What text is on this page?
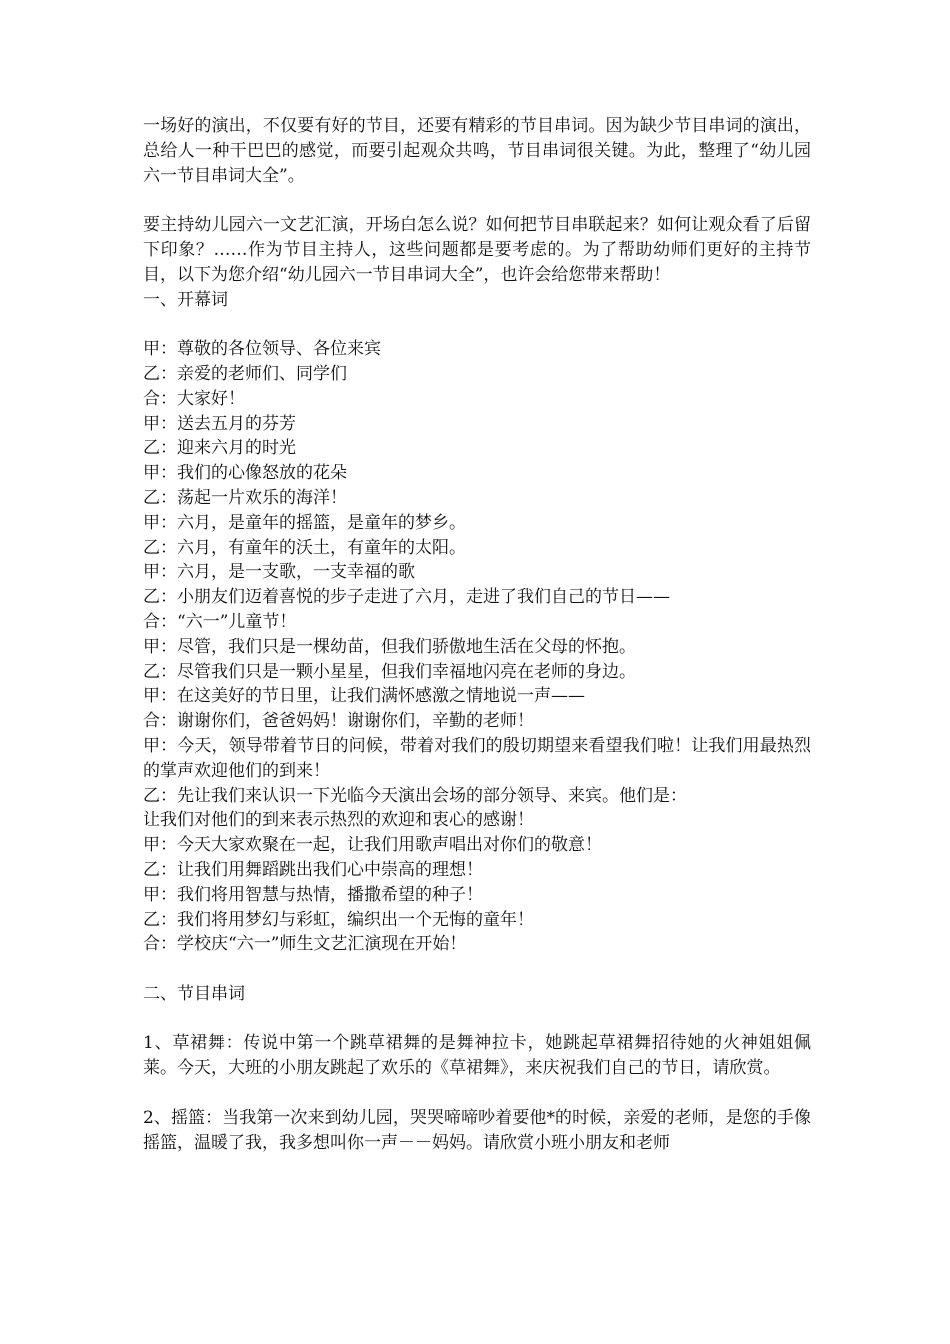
一场好的演出，不仅要有好的节目，还要有精彩的节目串词。因为缺少节目串词的演出，总给人一种干巴巴的感觉，而要引起观众共鸣，节目串词很关键。为此，整理了“幼儿园六一节目串词大全”。

要主持幼儿园六一文艺汇演，开场白怎么说？如何把节目串联起来？如何让观众看了后留下印象？……作为节目主持人，这些问题都是要考虑的。为了帮助幼师们更好的主持节目，以下为您介绍“幼儿园六一节目串词大全”，也许会给您带来帮助！

一、开幕词

甲：尊敬的各位领导、各位来宾

乙：亲爱的老师们、同学们

合：大家好！

甲：送去五月的芬芳

乙：迎来六月的时光

甲：我们的心像怒放的花朵

乙：荡起一片欢乐的海洋！

甲：六月，是童年的摇篮，是童年的梦乡。

乙：六月，有童年的沃土，有童年的太阳。

甲：六月，是一支歌，一支幸福的歌

乙：小朋友们迈着喜悦的步子走进了六月，走进了我们自己的节日——

合：“六一”儿童节！

甲：尽管，我们只是一棵幼苗，但我们骄傲地生活在父母的怀抱。

乙：尽管我们只是一颗小星星，但我们幸福地闪亮在老师的身边。

甲：在这美好的节日里，让我们满怀感激之情地说一声——

合：谢谢你们，爸爸妈妈！谢谢你们，辛勤的老师！

甲：今天，领导带着节日的问候，带着对我们的殷切期望来看望我们啦！让我们用最热烈的掌声欢迎他们的到来！

乙：先让我们来认识一下光临今天演出会场的部分领导、来宾。他们是：

让我们对他们的到来表示热烈的欢迎和衷心的感谢！

甲：今天大家欢聚在一起，让我们用歌声唱出对你们的敬意！

乙：让我们用舞蹈跳出我们心中崇高的理想！

甲：我们将用智慧与热情，播撒希望的种子！

乙：我们将用梦幻与彩虹，编织出一个无悔的童年！

合：学校庆“六一”师生文艺汇演现在开始！

二、节目串词

1、草裙舞：传说中第一个跳草裙舞的是舞神拉卡，她跳起草裙舞招待她的火神姐姐佩莱。今天，大班的小朋友跳起了欢乐的《草裙舞》，来庆祝我们自己的节日，请欣赏。

2、摇篮：当我第一次来到幼儿园，哭哭啼啼吵着要他*的时候，亲爱的老师，是您的手像摇篮，温暖了我，我多想叫你一声－－妈妈。请欣赏小班小朋友和老师
